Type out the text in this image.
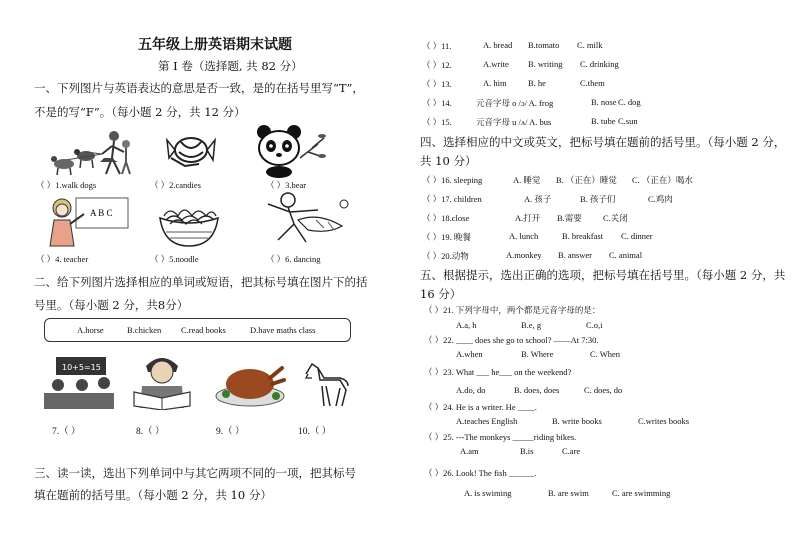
五年级上册英语期末试题
第 I 卷（选择题, 共 82 分）
一、下列图片与英语表达的意思是否一致，是的在括号里写“T”，
不是的写“F”。（每小题 2 分，共 12 分）
（ ）1.walk dogs	（ ）2.candies	（ ）3.bear
A B C
（ ）4. teacher	（ ）5.noodle	（ ）6. dancing
二、给下列图片选择相应的单词或短语，把其标号填在图片下的括
号里。（每小题 2 分，共8分）
A.horse	B.chicken C.read books	D.have maths class
10+5=15
7.（ ）	8.（ ）	9.（ ）	10.（ ）
三、读一读，选出下列单词中与其它两项不同的一项，把其标号
填在题前的括号里。（每小题 2 分，共 10 分）
（ ）11.	A. bread B.tomato C. milk
（ ）12.	A.write B. writing C. drinking
（ ）13.	A. him	B. he	C.them
（ ）14.	元音字母 o /ɔ/ A. frog	B. nose C. dog
（ ）15.	元音字母 u /ʌ/ A. bus	B. tube C.sun
四、选择相应的中文或英文，把标号填在题前的括号里。（每小题 2 分，
共 10 分）
（ ）16. sleeping	A. 睡觉 B. （正在）睡觉 C. （正在）喝水
（ ）17. children	A. 孩子	B. 孩子们	C.鸡肉
（ ）18.close	A.打开 B.需要 C.关闭
（ ）19. 晚餐	A. lunch	B. breakfast C. dinner
（ ）20.动物	A.monkey B. answer C. animal
五、根据提示，选出正确的选项，把标号填在括号里。（每小题 2 分，共
16 分）
（ ）21. 下列字母中，两个都是元音字母的是：
A.a, h	B.e, g	C.o,i
（ ）22. ____ does she go to school? ——At 7:30.
A.when	B. Where	C. When
（ ）23. What ___ he___ on the weekend?
A.do, do	B. does, does	C. does, do
（ ）24. He is a writer. He ____.
A.teaches English	B. write books	C.writes books
（ ）25. ---The monkeys _____riding bikes.
A.am	B.is	C.are
（ ）26. Look! The fish ______.
A. is swiming	B. are swim	C. are swimming
